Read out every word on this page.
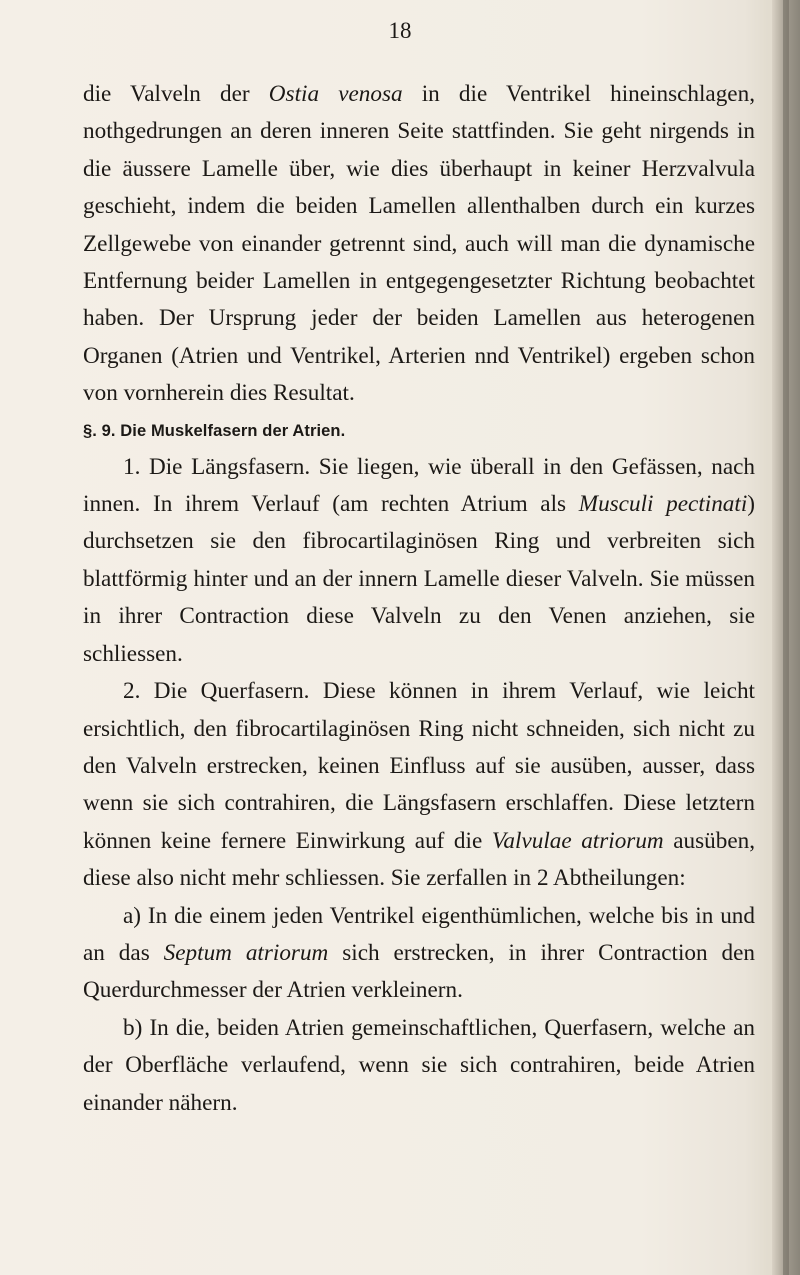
18

die Valveln der Ostia venosa in die Ventrikel hineinschlagen, nothgedrungen an deren inneren Seite stattfinden. Sie geht nirgends in die äussere Lamelle über, wie dies überhaupt in keiner Herzvalvula geschieht, indem die beiden Lamellen allenthalben durch ein kurzes Zellgewebe von einander getrennt sind, auch will man die dynamische Entfernung beider Lamellen in entgegengesetzter Richtung beobachtet haben. Der Ursprung jeder der beiden Lamellen aus heterogenen Organen (Atrien und Ventrikel, Arterien nnd Ventrikel) ergeben schon von vornherein dies Resultat.

§. 9. Die Muskelfasern der Atrien.

1. Die Längsfasern. Sie liegen, wie überall in den Gefässen, nach innen. In ihrem Verlauf (am rechten Atrium als Musculi pectinati) durchsetzen sie den fibrocartilaginösen Ring und verbreiten sich blattförmig hinter und an der innern Lamelle dieser Valveln. Sie müssen in ihrer Contraction diese Valveln zu den Venen anziehen, sie schliessen.

2. Die Querfasern. Diese können in ihrem Verlauf, wie leicht ersichtlich, den fibrocartilaginösen Ring nicht schneiden, sich nicht zu den Valveln erstrecken, keinen Einfluss auf sie ausüben, ausser, dass wenn sie sich contrahiren, die Längsfasern erschlaffen. Diese letztern können keine fernere Einwirkung auf die Valvulae atriorum ausüben, diese also nicht mehr schliessen. Sie zerfallen in 2 Abtheilungen:

a) In die einem jeden Ventrikel eigenthümlichen, welche bis in und an das Septum atriorum sich erstrecken, in ihrer Contraction den Querdurchmesser der Atrien verkleinern.

b) In die, beiden Atrien gemeinschaftlichen, Querfasern, welche an der Oberfläche verlaufend, wenn sie sich contrahiren, beide Atrien einander nähern.
